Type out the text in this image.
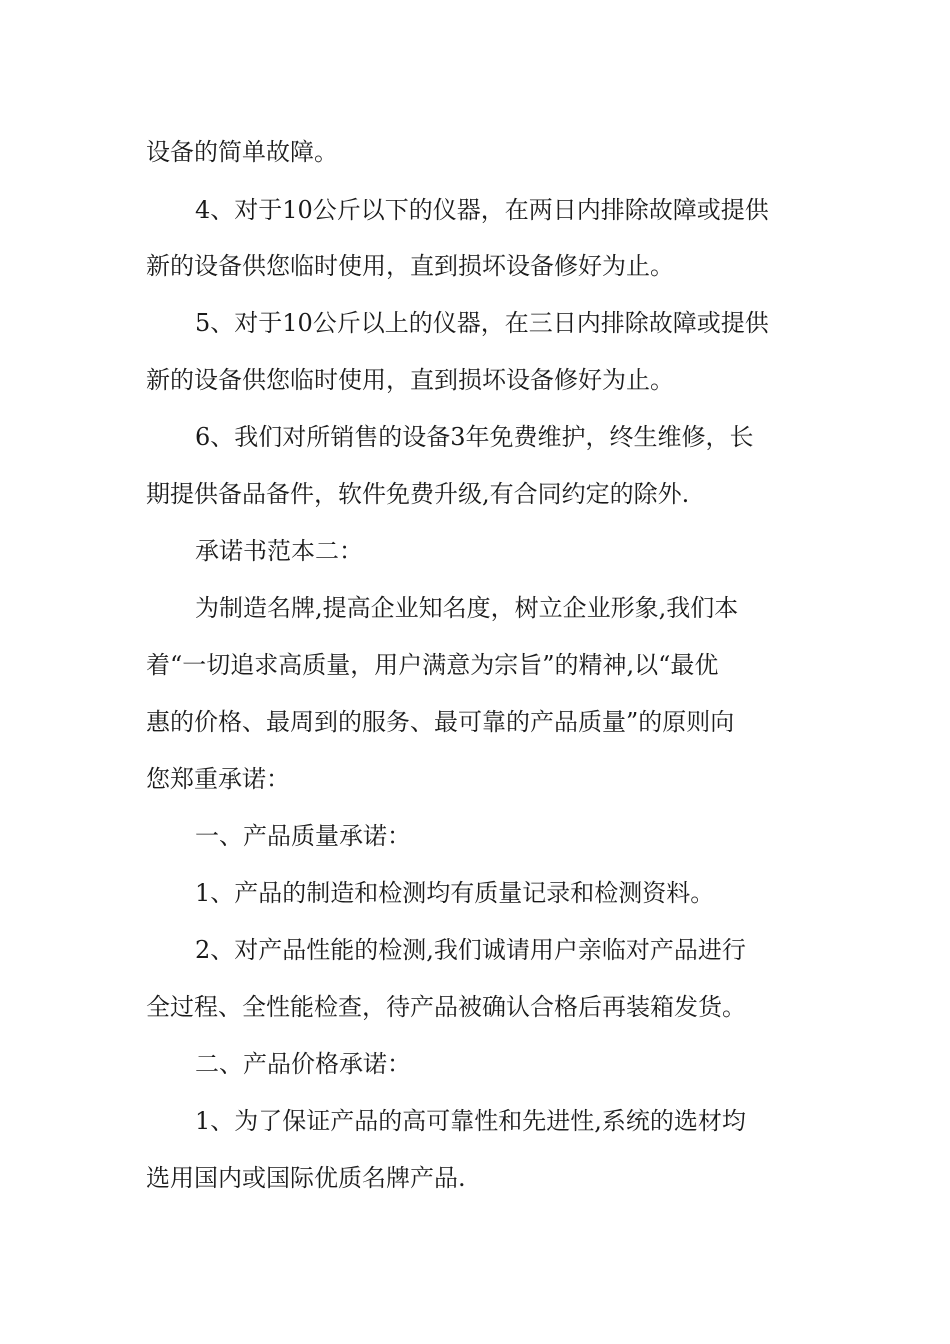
设备的简单故障。
4、对于10公斤以下的仪器，在两日内排除故障或提供
新的设备供您临时使用，直到损坏设备修好为止。
5、对于10公斤以上的仪器，在三日内排除故障或提供
新的设备供您临时使用，直到损坏设备修好为止。
6、我们对所销售的设备3年免费维护，终生维修，长
期提供备品备件，软件免费升级,有合同约定的除外.
承诺书范本二：
为制造名牌,提高企业知名度，树立企业形象,我们本
着“一切追求高质量，用户满意为宗旨”的精神,以“最优
惠的价格、最周到的服务、最可靠的产品质量”的原则向
您郑重承诺：
一、产品质量承诺：
1、产品的制造和检测均有质量记录和检测资料。
2、对产品性能的检测,我们诚请用户亲临对产品进行
全过程、全性能检查，待产品被确认合格后再装箱发货。
二、产品价格承诺：
1、为了保证产品的高可靠性和先进性,系统的选材均
选用国内或国际优质名牌产品.
